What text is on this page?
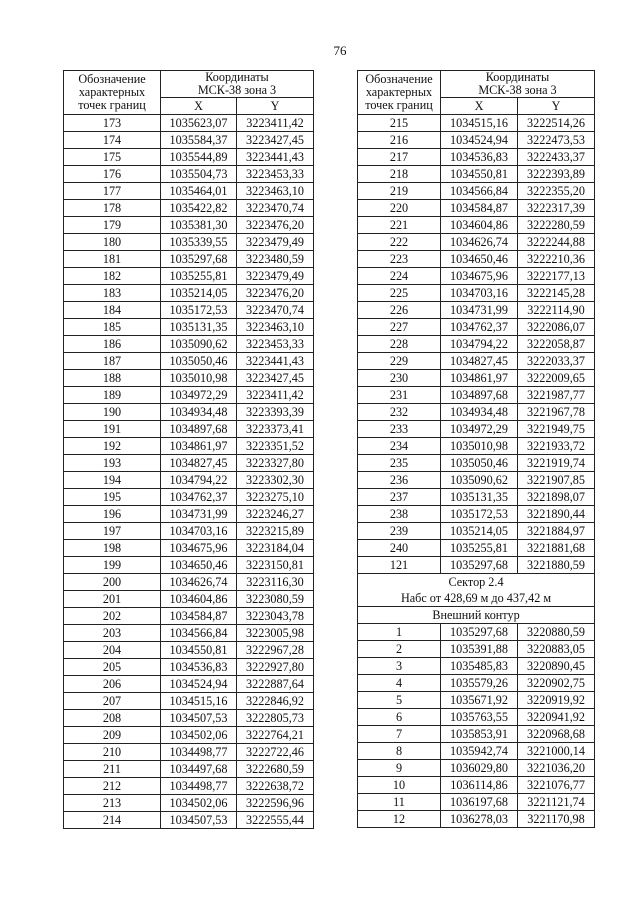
76
Обозначение
характерных
точек границ	Координаты
МСК-38 зона 3	
	X	Y
173	1035623,07	3223411,42
174	1035584,37	3223427,45
175	1035544,89	3223441,43
176	1035504,73	3223453,33
177	1035464,01	3223463,10
178	1035422,82	3223470,74
179	1035381,30	3223476,20
180	1035339,55	3223479,49
181	1035297,68	3223480,59
182	1035255,81	3223479,49
183	1035214,05	3223476,20
184	1035172,53	3223470,74
185	1035131,35	3223463,10
186	1035090,62	3223453,33
187	1035050,46	3223441,43
188	1035010,98	3223427,45
189	1034972,29	3223411,42
190	1034934,48	3223393,39
191	1034897,68	3223373,41
192	1034861,97	3223351,52
193	1034827,45	3223327,80
194	1034794,22	3223302,30
195	1034762,37	3223275,10
196	1034731,99	3223246,27
197	1034703,16	3223215,89
198	1034675,96	3223184,04
199	1034650,46	3223150,81
200	1034626,74	3223116,30
201	1034604,86	3223080,59
202	1034584,87	3223043,78
203	1034566,84	3223005,98
204	1034550,81	3222967,28
205	1034536,83	3222927,80
206	1034524,94	3222887,64
207	1034515,16	3222846,92
208	1034507,53	3222805,73
209	1034502,06	3222764,21
210	1034498,77	3222722,46
211	1034497,68	3222680,59
212	1034498,77	3222638,72
213	1034502,06	3222596,96
214	1034507,53	3222555,44
Обозначение
характерных
точек границ	Координаты
МСК-38 зона 3	
	X	Y
215	1034515,16	3222514,26
216	1034524,94	3222473,53
217	1034536,83	3222433,37
218	1034550,81	3222393,89
219	1034566,84	3222355,20
220	1034584,87	3222317,39
221	1034604,86	3222280,59
222	1034626,74	3222244,88
223	1034650,46	3222210,36
224	1034675,96	3222177,13
225	1034703,16	3222145,28
226	1034731,99	3222114,90
227	1034762,37	3222086,07
228	1034794,22	3222058,87
229	1034827,45	3222033,37
230	1034861,97	3222009,65
231	1034897,68	3221987,77
232	1034934,48	3221967,78
233	1034972,29	3221949,75
234	1035010,98	3221933,72
235	1035050,46	3221919,74
236	1035090,62	3221907,85
237	1035131,35	3221898,07
238	1035172,53	3221890,44
239	1035214,05	3221884,97
240	1035255,81	3221881,68
121	1035297,68	3221880,59
Сектор 2.4
Набс от 428,69 м до 437,42 м		
Внешний контур		
1	1035297,68	3220880,59
2	1035391,88	3220883,05
3	1035485,83	3220890,45
4	1035579,26	3220902,75
5	1035671,92	3220919,92
6	1035763,55	3220941,92
7	1035853,91	3220968,68
8	1035942,74	3221000,14
9	1036029,80	3221036,20
10	1036114,86	3221076,77
11	1036197,68	3221121,74
12	1036278,03	3221170,98
